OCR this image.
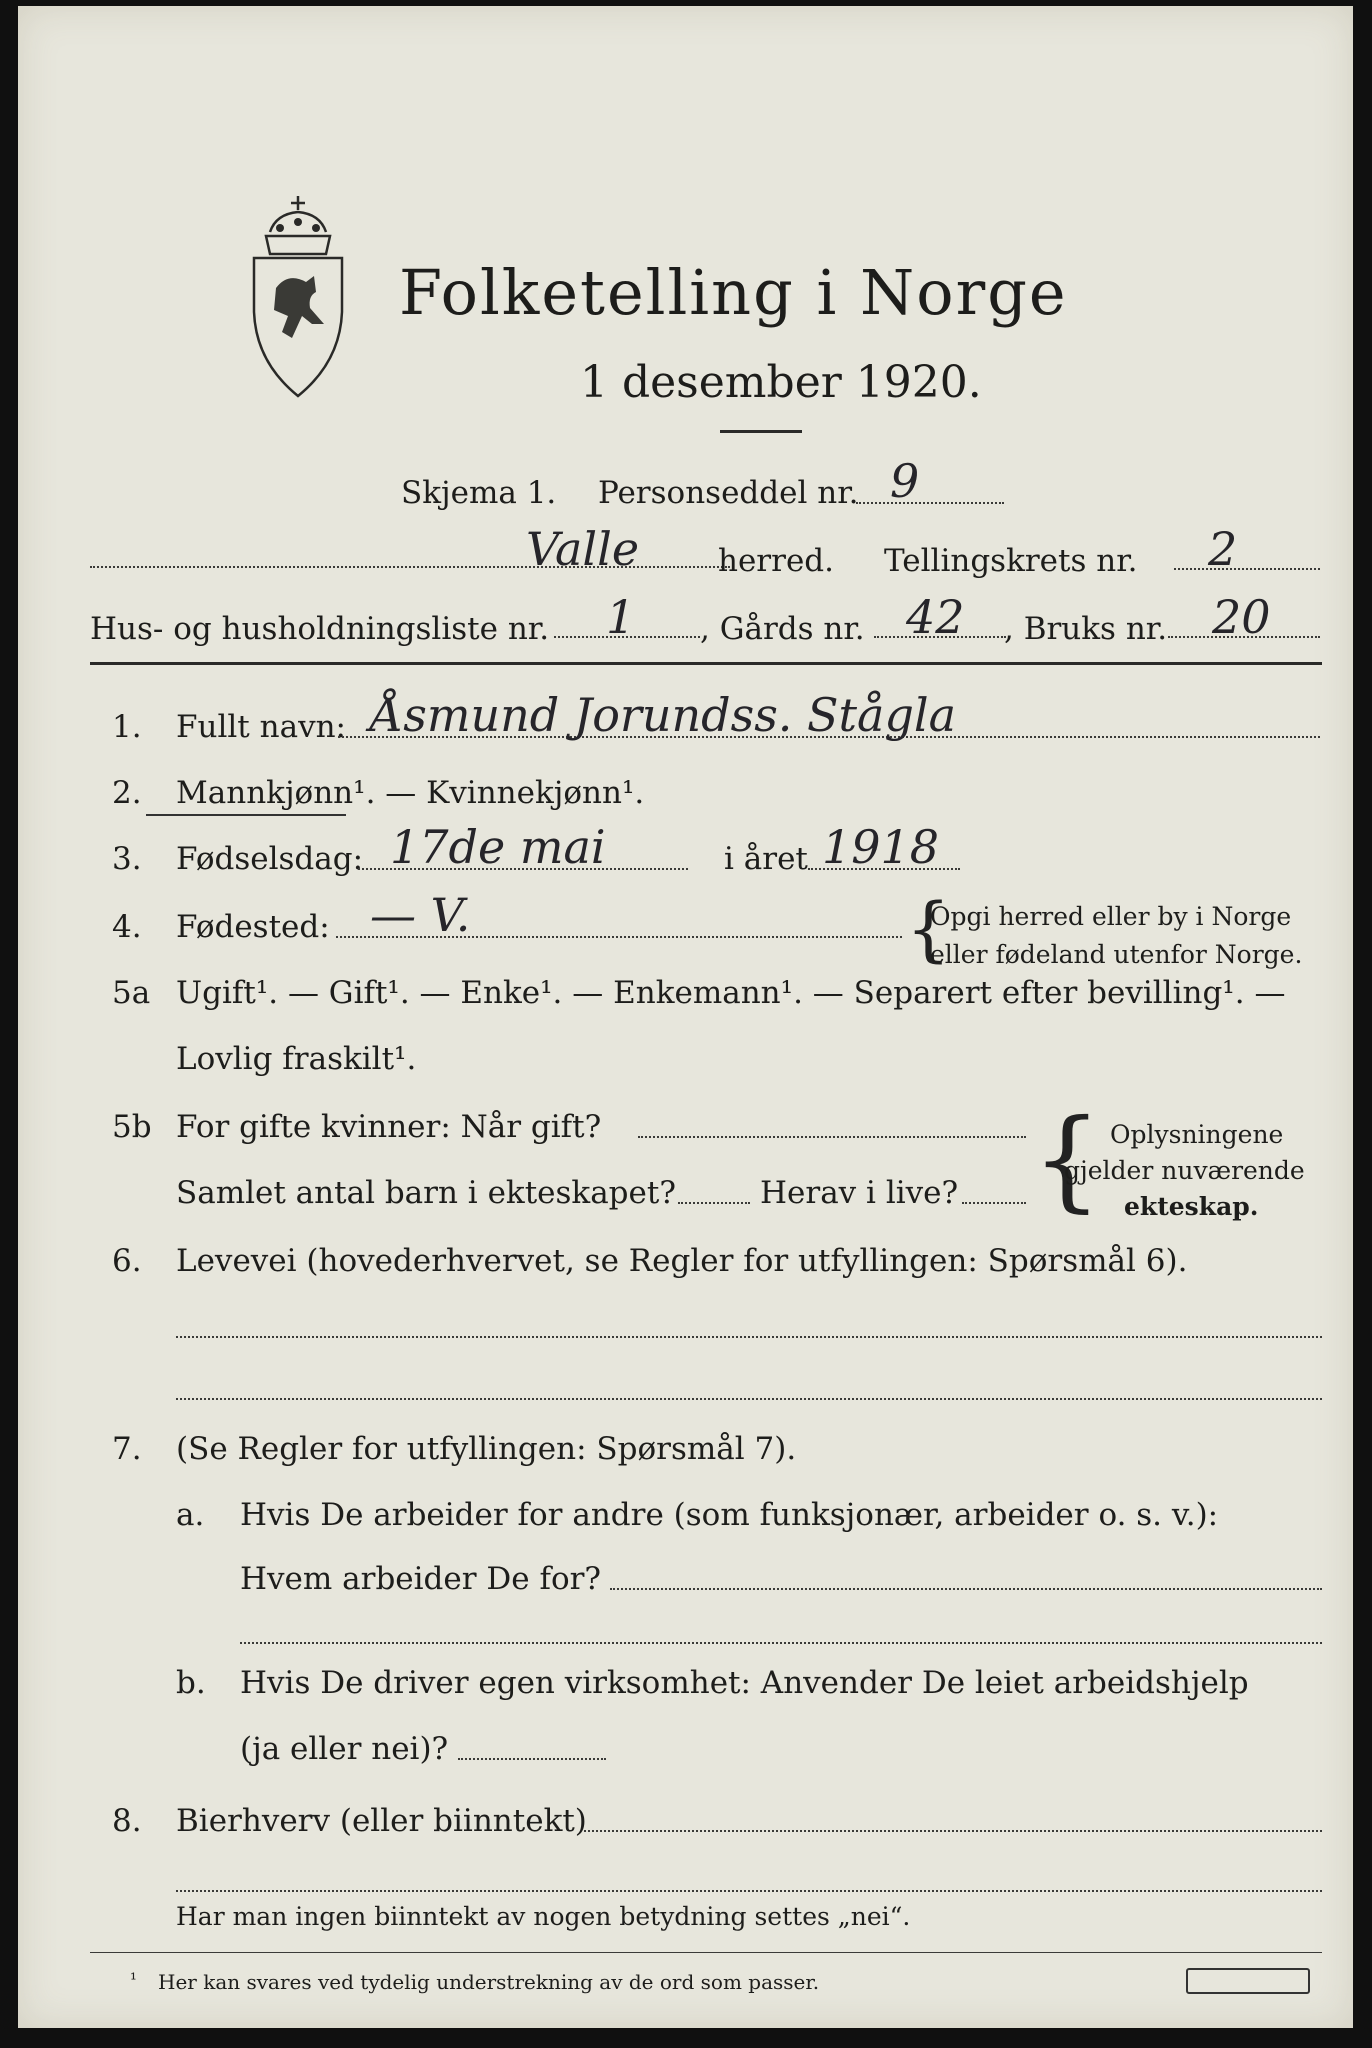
Folketelling i Norge
1 desember 1920.
Skjema 1. Personseddel nr. 9
Valle	herred. Tellingskrets nr. 2
Hus- og husholdningsliste nr. 1 , Gårds nr. 42 , Bruks nr. 20
1. Fullt navn: Åsmund Jorundss. Stågla
2. Mannkjønn¹. — Kvinnekjønn¹.
3. Fødselsdag: 17de mai	i året 1918
4. Fødested: — V.	{
Opgi herred eller by i Norge
eller fødeland utenfor Norge.
5a Ugift¹. — Gift¹. — Enke¹. — Enkemann¹. — Separert efter bevilling¹. —
Lovlig fraskilt¹.
5b For gifte kvinner: Når gift?
Samlet antal barn i ekteskapet?	Herav i live? { Oplysningene
gjelder nuværende
ekteskap.
6. Levevei (hovederhvervet, se Regler for utfyllingen: Spørsmål 6).
7. (Se Regler for utfyllingen: Spørsmål 7).
a. Hvis De arbeider for andre (som funksjonær, arbeider o. s. v.):
Hvem arbeider De for?
b. Hvis De driver egen virksomhet: Anvender De leiet arbeidshjelp
(ja eller nei)?
8. Bierhverv (eller biinntekt)
Har man ingen biinntekt av nogen betydning settes „nei“.
¹ Her kan svares ved tydelig understrekning av de ord som passer.
